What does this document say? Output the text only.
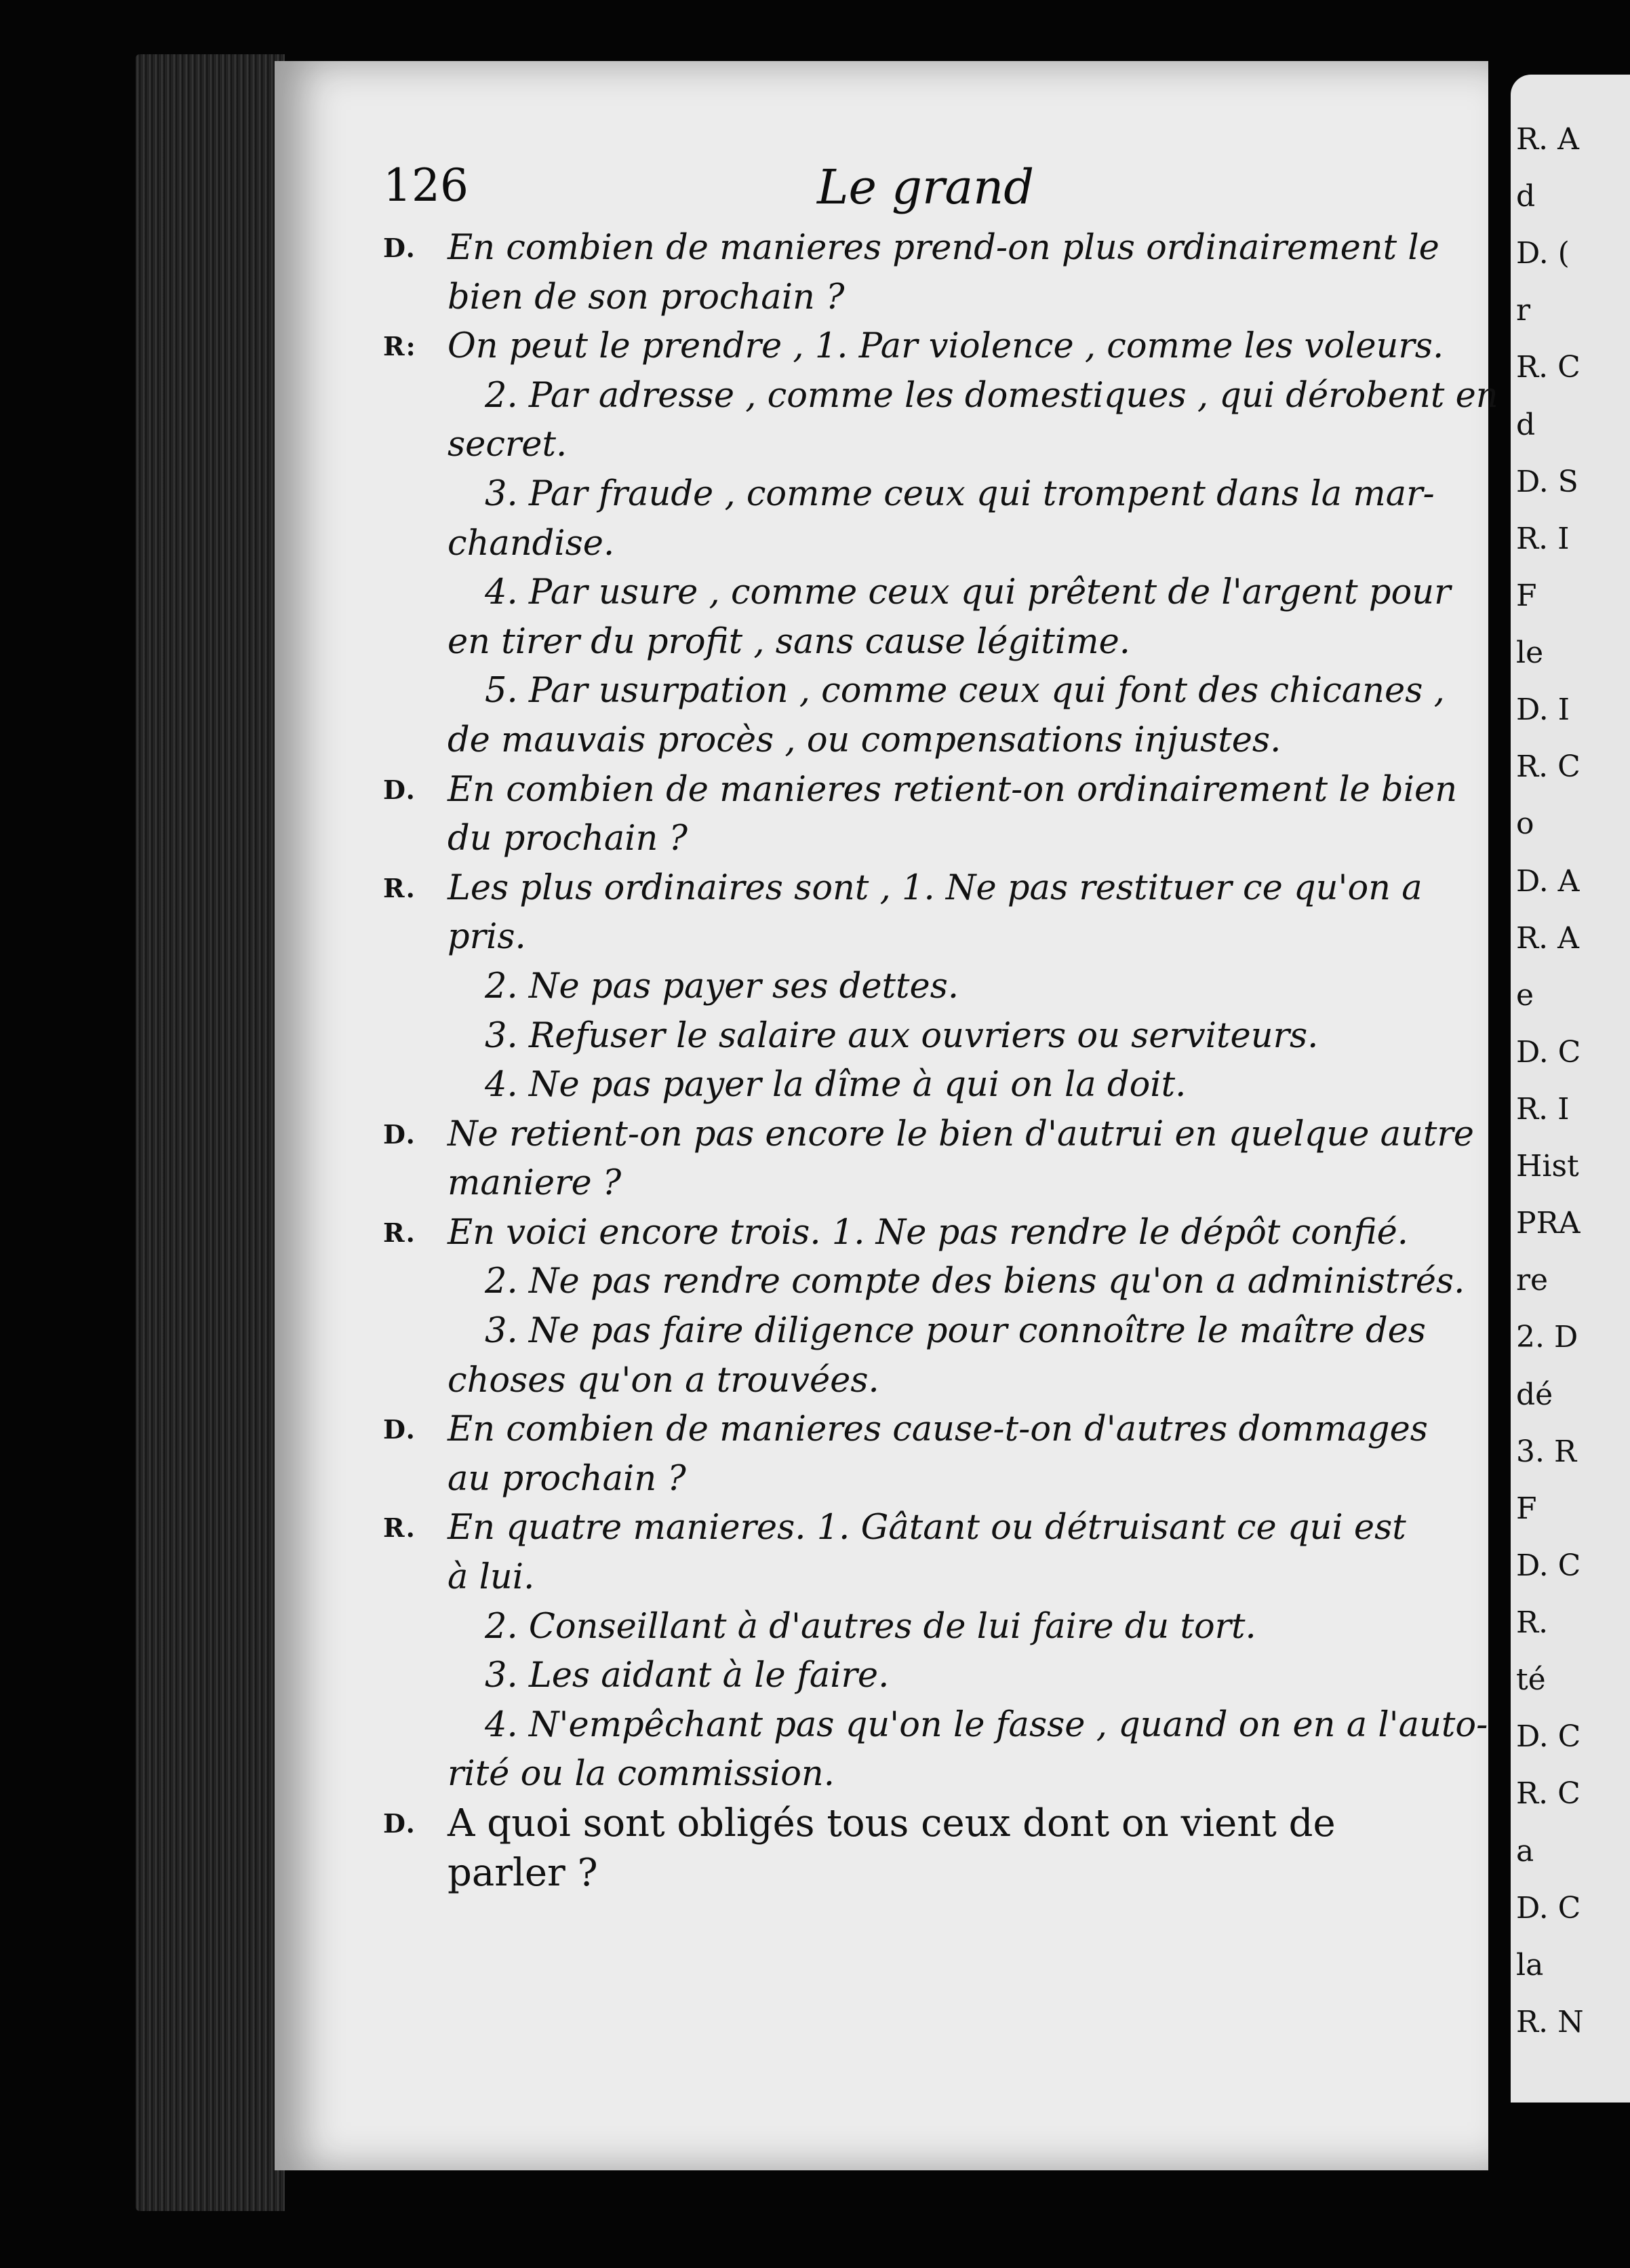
R. A
d
D. (
r
R. C
d
D. S
R. I
F
le
D. I
R. C
o
D. A
R. A
e
D. C
R. I
Hist
PRA
re
2. D
dé
3. R
F
D. C
R.
té
D. C
R. C
a
D. C
la
R. N
126	Le grand
D. En combien de manieres prend-on plus ordinairement le
bien de son prochain ?
R: On peut le prendre , 1. Par violence , comme les voleurs.
2. Par adresse , comme les domestiques , qui dérobent en
secret.
3. Par fraude , comme ceux qui trompent dans la mar-
chandise.
4. Par usure , comme ceux qui prêtent de l'argent pour
en tirer du profit , sans cause légitime.
5. Par usurpation , comme ceux qui font des chicanes ,
de mauvais procès , ou compensations injustes.
D. En combien de manieres retient-on ordinairement le bien
du prochain ?
R. Les plus ordinaires sont , 1. Ne pas restituer ce qu'on a
pris.
2. Ne pas payer ses dettes.
3. Refuser le salaire aux ouvriers ou serviteurs.
4. Ne pas payer la dîme à qui on la doit.
D. Ne retient-on pas encore le bien d'autrui en quelque autre
maniere ?
R. En voici encore trois. 1. Ne pas rendre le dépôt confié.
2. Ne pas rendre compte des biens qu'on a administrés.
3. Ne pas faire diligence pour connoître le maître des
choses qu'on a trouvées.
D. En combien de manieres cause-t-on d'autres dommages
au prochain ?
R. En quatre manieres. 1. Gâtant ou détruisant ce qui est
à lui.
2. Conseillant à d'autres de lui faire du tort.
3. Les aidant à le faire.
4. N'empêchant pas qu'on le fasse , quand on en a l'auto-
rité ou la commission.
D. A quoi sont obligés tous ceux dont on vient de
parler ?
